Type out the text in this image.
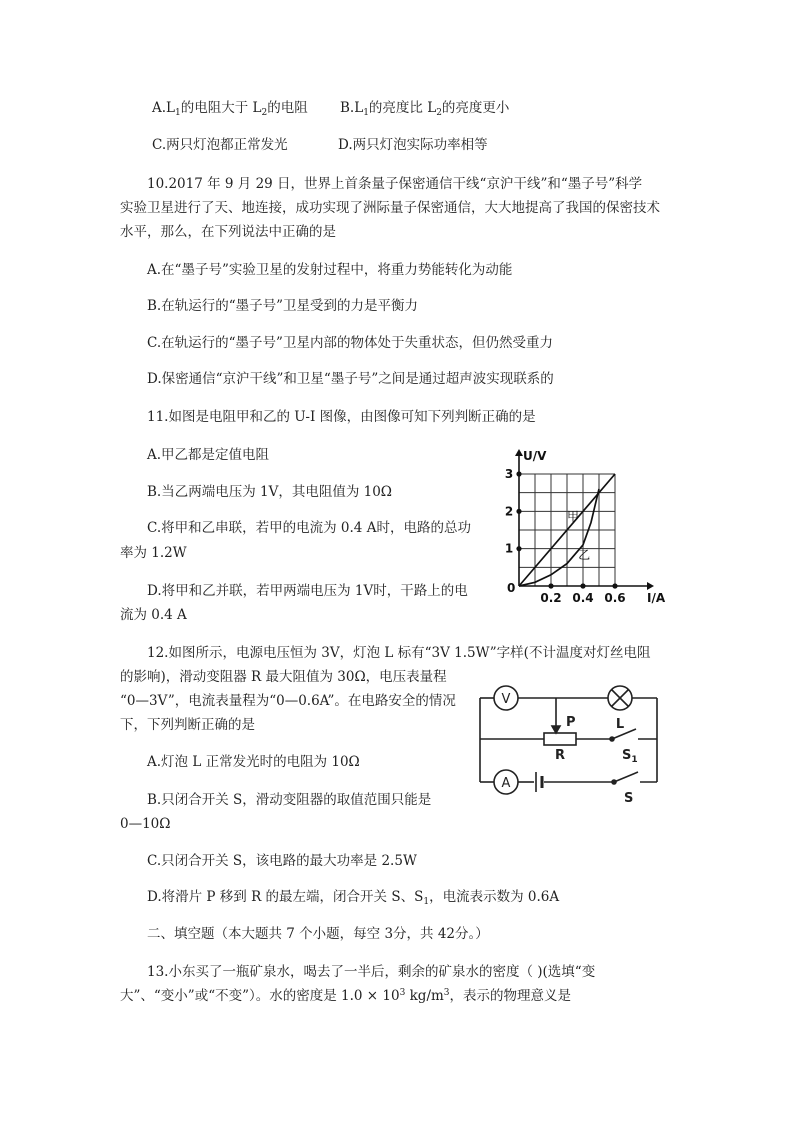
$A.L_1$的电阻大于 $L_2$的电阻 $B.L_1$的亮度比 $L_2$的亮度更小
C.两只灯泡都正常发光	D.两只灯泡实际功率相等
10.2017 年 9 月 29 日，世界上首条量子保密通信干线“京沪干线”和“墨子号”科学
实验卫星进行了天、地连接，成功实现了洲际量子保密通信，大大地提高了我国的保密技术
水平，那么，在下列说法中正确的是
A.在“墨子号”实验卫星的发射过程中，将重力势能转化为动能
B.在轨运行的“墨子号”卫星受到的力是平衡力
C.在轨运行的“墨子号”卫星内部的物体处于失重状态，但仍然受重力
D.保密通信“京沪干线”和卫星“墨子号”之间是通过超声波实现联系的
11.如图是电阻甲和乙的 U-I 图像，由图像可知下列判断正确的是
A.甲乙都是定值电阻
B.当乙两端电压为 1V，其电阻值为 10Ω
C.将甲和乙串联，若甲的电流为 0.4 A时，电路的总功
率为 1.2W
D.将甲和乙并联，若甲两端电压为 1V时，干路上的电
流为 0.4 A
0.2 0.4 0.6
1
2
3
0
I/A
U/V
甲
乙
12.如图所示，电源电压恒为 3V，灯泡 L 标有“3V 1.5W”字样(不计温度对灯丝电阻
的影响)，滑动变阻器 R 最大阻值为 30Ω，电压表量程
“0—3V”，电流表量程为“0—0.6A”。在电路安全的情况
下，下列判断正确的是
A.灯泡 L 正常发光时的电阻为 10Ω
B.只闭合开关 S，滑动变阻器的取值范围只能是
0—10Ω
C.只闭合开关 S，该电路的最大功率是 2.5W
D.将滑片 P 移到 R 的最左端，闭合开关 S、$S_1$，电流表示数为 0.6A
V
L
A
P
R	$S_1$
S
二、填空题（本大题共 7 个小题，每空 3分，共 42分。）
13.小东买了一瓶矿泉水，喝去了一半后，剩余的矿泉水的密度（ )(选填“变
大”、“变小”或“不变”）。水的密度是 $1.0 \times 10^3$ $kg/m^3$，表示的物理意义是
